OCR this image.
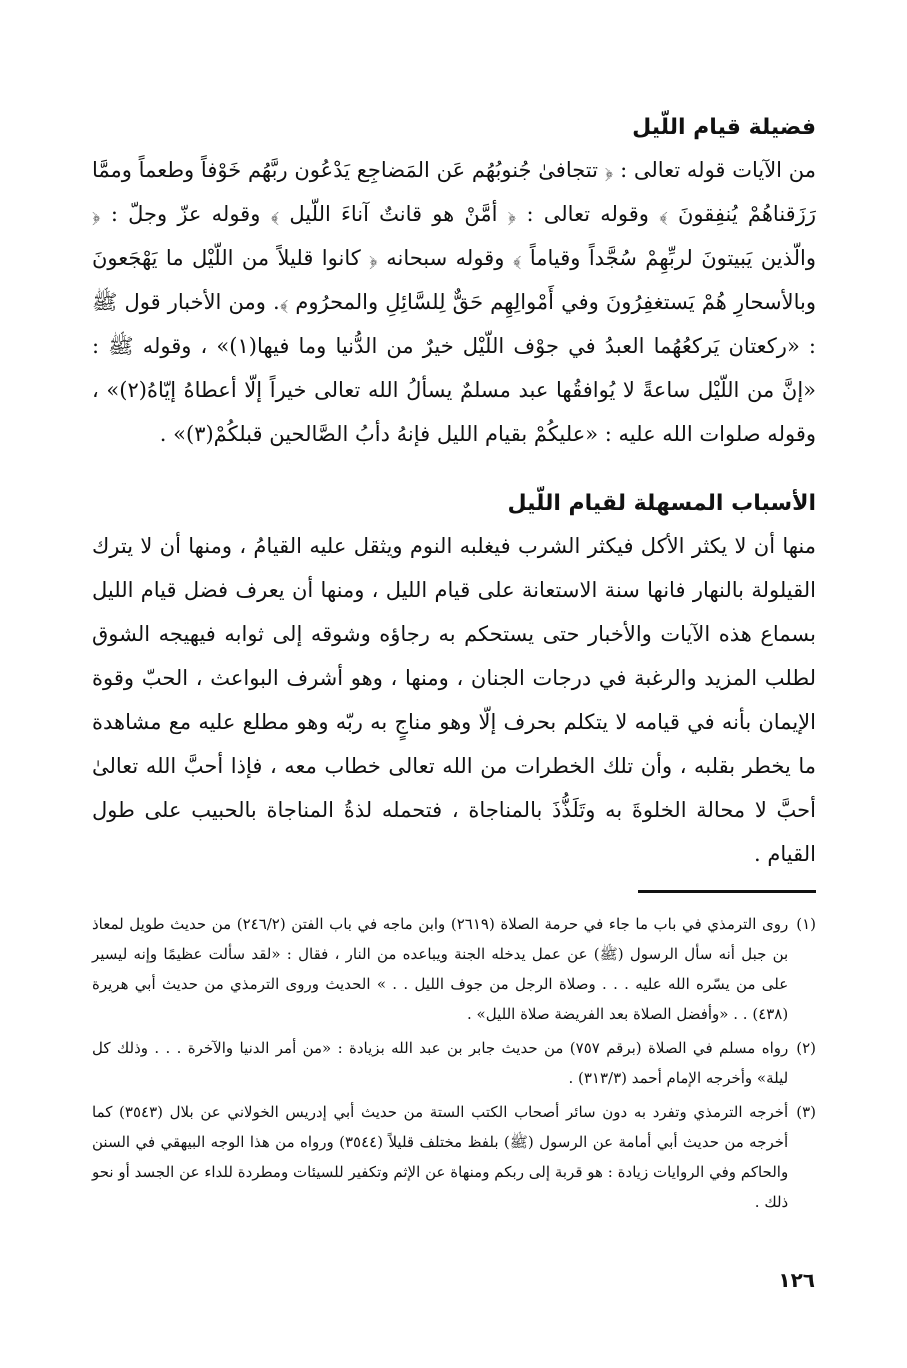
فضيلة قيام اللّيل

من الآيات قوله تعالى : ﴿ تتجافىٰ جُنوبُهُم عَن المَضاجِع يَدْعُون ربَّهُم خَوْفاً وطعماً وممَّا رَزَقناهُمْ يُنفِقونَ ﴾ وقوله تعالى : ﴿ أمَّنْ هو قانتٌ آناءَ اللّيل ﴾ وقوله عزّ وجلّ : ﴿ والّذين يَبيتونَ لربِّهِمْ سُجَّداً وقياماً ﴾ وقوله سبحانه ﴿ كانوا قليلاً من اللّيْل ما يَهْجَعونَ وبالأسحارِ هُمْ يَستغفِرُونَ وفي أَمْوالِهِم حَقٌّ لِلسَّائِلِ والمحرُوم ﴾. ومن الأخبار قول ﷺ : «ركعتان يَركعُهُما العبدُ في جوْف اللّيْل خيرٌ من الدُّنيا وما فيها(١)» ، وقوله ﷺ : «إنَّ من اللّيْل ساعةً لا يُوافقُها عبد مسلمٌ يسألُ الله تعالى خيراً إلّا أعطاهُ إيّاهُ(٢)» ، وقوله صلوات الله عليه : «عليكُمْ بقيام الليل فإنهُ دأبُ الصَّالحين قبلكُمْ(٣)» .

الأسباب المسهلة لقيام اللّيل

منها أن لا يكثر الأكل فيكثر الشرب فيغلبه النوم ويثقل عليه القيامُ ، ومنها أن لا يترك القيلولة بالنهار فانها سنة الاستعانة على قيام الليل ، ومنها أن يعرف فضل قيام الليل بسماع هذه الآيات والأخبار حتى يستحكم به رجاؤه وشوقه إلى ثوابه فيهيجه الشوق لطلب المزيد والرغبة في درجات الجنان ، ومنها ، وهو أشرف البواعث ، الحبّ وقوة الإيمان بأنه في قيامه لا يتكلم بحرف إلّا وهو مناجٍ به ربّه وهو مطلع عليه مع مشاهدة ما يخطر بقلبه ، وأن تلك الخطرات من الله تعالى خطاب معه ، فإذا أحبَّ الله تعالىٰ أحبَّ لا محالة الخلوةَ به وتَلَذُّذَ بالمناجاة ، فتحمله لذةُ المناجاة بالحبيب على طول القيام .

(١)
روى الترمذي في باب ما جاء في حرمة الصلاة (٢٦١٩) وابن ماجه في باب الفتن (٢٤٦/٢) من حديث طويل لمعاذ بن جبل أنه سأل الرسول (ﷺ) عن عمل يدخله الجنة ويباعده من النار ، فقال : «لقد سألت عظيمًا وإنه ليسير على من يسّره الله عليه . . . وصلاة الرجل من جوف الليل . . » الحديث وروى الترمذي من حديث أبي هريرة (٤٣٨) . . «وأفضل الصلاة بعد الفريضة صلاة الليل» .
(٢)
رواه مسلم في الصلاة (برقم ٧٥٧) من حديث جابر بن عبد الله بزيادة : «من أمر الدنيا والآخرة . . . وذلك كل ليلة» وأخرجه الإمام أحمد (٣١٣/٣) .
(٣)
أخرجه الترمذي وتفرد به دون سائر أصحاب الكتب الستة من حديث أبي إدريس الخولاني عن بلال (٣٥٤٣) كما أخرجه من حديث أبي أمامة عن الرسول (ﷺ) بلفظ مختلف قليلاً (٣٥٤٤) ورواه من هذا الوجه البيهقي في السنن والحاكم وفي الروايات زيادة : هو قربة إلى ربكم ومنهاة عن الإثم وتكفير للسيئات ومطردة للداء عن الجسد أو نحو ذلك .
١٢٦
